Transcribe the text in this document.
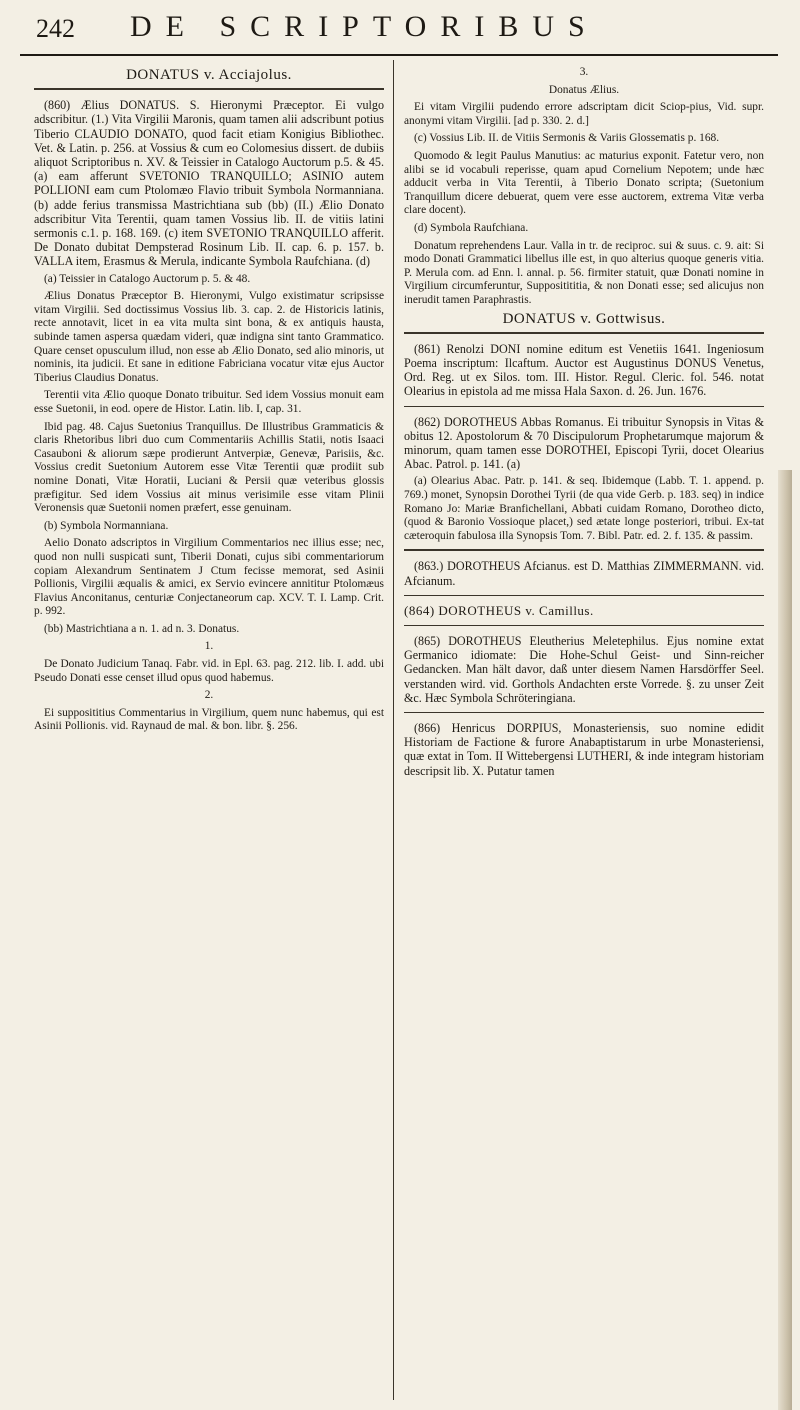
242 DE SCRIPTORIBUS

DONATUS v. Acciajolus.

(860) Ælius DONATUS. S. Hieronymi Præceptor. Ei vulgo adscribitur. (1.) Vita Virgilii Maronis, quam tamen alii adscribunt potius Tiberio CLAUDIO DONATO, quod facit etiam Konigius Bibliothec. Vet. & Latin. p. 256. at Vossius & cum eo Colomesius dissert. de dubiis aliquot Scriptoribus n. XV. & Teissier in Catalogo Auctorum p.5. & 45. (a) eam afferunt SVETONIO TRANQUILLO; ASINIO autem POLLIONI eam cum Ptolomæo Flavio tribuit Symbola Normanniana. (b) adde ferius transmissa Mastrichtiana sub (bb) (II.) Ælio Donato adscribitur Vita Terentii, quam tamen Vossius lib. II. de vitiis latini sermonis c.1. p. 168. 169. (c) item SVETONIO TRANQUILLO afferit. De Donato dubitat Dempsterad Rosinum Lib. II. cap. 6. p. 157. b. VALLA item, Erasmus & Merula, indicante Symbola Raufchiana. (d)

(a) Teissier in Catalogo Auctorum p. 5. & 48.

Ælius Donatus Præceptor B. Hieronymi, Vulgo existimatur scripsisse vitam Virgilii. Sed doctissimus Vossius lib. 3. cap. 2. de Historicis latinis, recte annotavit, licet in ea vita multa sint bona, & ex antiquis hausta, subinde tamen aspersa quædam videri, quæ indigna sint tanto Grammatico. Quare censet opusculum illud, non esse ab Ælio Donato, sed alio minoris, ut nominis, ita judicii. Et sane in editione Fabriciana vocatur vitæ ejus Auctor Tiberius Claudius Donatus.

Terentii vita Ælio quoque Donato tribuitur. Sed idem Vossius monuit eam esse Suetonii, in eod. opere de Histor. Latin. lib. I, cap. 31.

Ibid pag. 48. Cajus Suetonius Tranquillus. De Illustribus Grammaticis & claris Rhetoribus libri duo cum Commentariis Achillis Statii, notis Isaaci Casauboni & aliorum sæpe prodierunt Antverpiæ, Genevæ, Parisiis, &c. Vossius credit Suetonium Autorem esse Vitæ Terentii quæ prodiit sub nomine Donati, Vitæ Horatii, Luciani & Persii quæ veteribus glossis præfigitur. Sed idem Vossius ait minus verisimile esse vitam Plinii Veronensis quæ Suetonii nomen præfert, esse genuinam.

(b) Symbola Normanniana.

Aelio Donato adscriptos in Virgilium Commentarios nec illius esse; nec, quod non nulli suspicati sunt, Tiberii Donati, cujus sibi commentariorum copiam Alexandrum Sentinatem J Ctum fecisse memorat, sed Asinii Pollionis, Virgilii æqualis & amici, ex Servio evincere annititur Ptolomæus Flavius Anconitanus, centuriæ Conjectaneorum cap. XCV. T. I. Lamp. Crit. p. 992.

(bb) Mastrichtiana a n. 1. ad n. 3. Donatus.

1.

De Donato Judicium Tanaq. Fabr. vid. in Epl. 63. pag. 212. lib. I. add. ubi Pseudo Donati esse censet illud opus quod habemus.

2.

Ei supposititius Commentarius in Virgilium, quem nunc habemus, qui est Asinii Pollionis. vid. Raynaud de mal. & bon. libr. §. 256.

3.

Donatus Ælius.

Ei vitam Virgilii pudendo errore adscriptam dicit Sciop-pius, Vid. supr. anonymi vitam Virgilii. [ad p. 330. 2. d.]

(c) Vossius Lib. II. de Vitiis Sermonis & Variis Glossematis p. 168.

Quomodo & legit Paulus Manutius: ac maturius exponit. Fatetur vero, non alibi se id vocabuli reperisse, quam apud Cornelium Nepotem; unde hæc adducit verba in Vita Terentii, à Tiberio Donato scripta; (Suetonium Tranquillum dicere debuerat, quem vere esse auctorem, extrema Vitæ verba clare docent).

(d) Symbola Raufchiana.

Donatum reprehendens Laur. Valla in tr. de reciproc. sui & suus. c. 9. ait: Si modo Donati Grammatici libellus ille est, in quo alterius quoque generis vitia. P. Merula com. ad Enn. l. annal. p. 56. firmiter statuit, quæ Donati nomine in Virgilium circumferuntur, Suppositititia, & non Donati esse; sed alicujus non inerudit tamen Paraphrastis.

DONATUS v. Gottwisus.

(861) Renolzi DONI nomine editum est Venetiis 1641. Ingeniosum Poema inscriptum: Ilcaftum. Auctor est Augustinus DONUS Venetus, Ord. Reg. ut ex Silos. tom. III. Histor. Regul. Cleric. fol. 546. notat Olearius in epistola ad me missa Hala Saxon. d. 26. Jun. 1676.

(862) DOROTHEUS Abbas Romanus. Ei tribuitur Synopsis in Vitas & obitus 12. Apostolorum & 70 Discipulorum Prophetarumque majorum & minorum, quam tamen esse DOROTHEI, Episcopi Tyrii, docet Olearius Abac. Patrol. p. 141. (a)

(a) Olearius Abac. Patr. p. 141. & seq. Ibidemque (Labb. T. 1. append. p. 769.) monet, Synopsin Dorothei Tyrii (de qua vide Gerb. p. 183. seq) in indice Romano Jo: Mariæ Branfichellani, Abbati cuidam Romano, Dorotheo dicto, (quod & Baronio Vossioque placet,) sed ætate longe posteriori, tribui. Ex-tat cæteroquin fabulosa illa Synopsis Tom. 7. Bibl. Patr. ed. 2. f. 135. & passim.

(863.) DOROTHEUS Afcianus. est D. Matthias ZIMMERMANN. vid. Afcianum.

(864) DOROTHEUS v. Camillus.

(865) DOROTHEUS Eleutherius Meletephilus. Ejus nomine extat Germanico idiomate: Die Hohe-Schul Geist- und Sinn-reicher Gedancken. Man hält davor, daß unter diesem Namen Harsdörffer Seel. verstanden wird. vid. Gorthols Andachten erste Vorrede. §. zu unser Zeit &c. Hæc Symbola Schröteringiana.

(866) Henricus DORPIUS, Monasteriensis, suo nomine edidit Historiam de Factione & furore Anabaptistarum in urbe Monasteriensi, quæ extat in Tom. II Wittebergensi LUTHERI, & inde integram historiam descripsit lib. X. Putatur tamen
